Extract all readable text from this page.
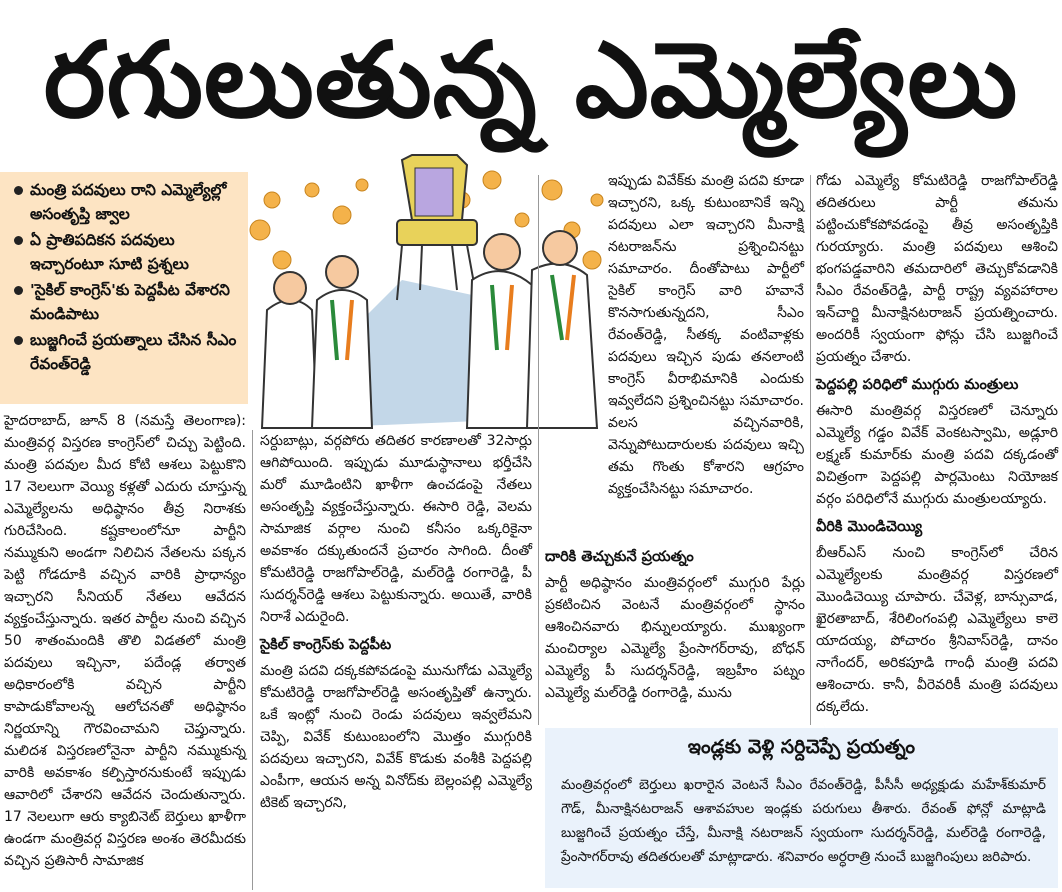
రగులుతున్న ఎమ్మెల్యేలు
మంత్రి పదవులు రాని ఎమ్మెల్యేల్లో అసంతృప్తి జ్వాల
ఏ ప్రాతిపదికన పదవులు ఇచ్చారంటూ సూటి ప్రశ్నలు
'సైకిల్ కాంగ్రెస్'కు పెద్దపీట వేశారని మండిపాటు
బుజ్జగించే ప్రయత్నాలు చేసిన సీఎం రేవంత్‌రెడ్డి

హైదరాబాద్, జూన్ 8 (నమస్తే తెలంగాణ): మంత్రివర్గ విస్తరణ కాంగ్రెస్‌లో చిచ్చు పెట్టింది. మంత్రి పదవుల మీద కోటి ఆశలు పెట్టుకొని 17 నెలలుగా వెయ్యి కళ్లతో ఎదురు చూస్తున్న ఎమ్మెల్యేలను అధిష్ఠానం తీవ్ర నిరాశకు గురిచేసింది. కష్టకాలంలోనూ పార్టీని నమ్ముకుని అండగా నిలిచిన నేతలను పక్కన పెట్టి గోడదూకి వచ్చిన వారికి ప్రాధాన్యం ఇచ్చారని సీనియర్ నేతలు ఆవేదన వ్యక్తంచేస్తున్నారు. ఇతర పార్టీల నుంచి వచ్చిన 50 శాతంమందికి తొలి విడతలో మంత్రి పదవులు ఇచ్చినా, పదేండ్ల తర్వాత అధికారంలోకి వచ్చిన పార్టీని కాపాడుకోవాలన్న ఆలోచనతో అధిష్ఠానం నిర్ణయాన్ని గౌరవించామని చెప్తున్నారు. మలిదశ విస్తరణలోనైనా పార్టీని నమ్ముకున్న వారికి అవకాశం కల్పిస్తారనుకుంటే ఇప్పుడు ఆవారిలో చేశారని ఆవేదన చెందుతున్నారు. 17 నెలలుగా ఆరు క్యాబినెట్ బెర్తులు ఖాళీగా ఉండగా మంత్రివర్గ విస్తరణ అంశం తెరమీదకు వచ్చిన ప్రతిసారీ సామాజిక

సర్దుబాట్లు, వర్గపోరు తదితర కారణాలతో 32సార్లు ఆగిపోయింది. ఇప్పుడు మూడుస్థానాలు భర్తీచేసి మరో మూడింటిని ఖాళీగా ఉంచడంపై నేతలు అసంతృప్తి వ్యక్తంచేస్తున్నారు. ఈసారి రెడ్డి, వెలమ సామాజిక వర్గాల నుంచి కనీసం ఒక్కరికైనా అవకాశం దక్కుతుందనే ప్రచారం సాగింది. దీంతో కోమటిరెడ్డి రాజగోపాల్‌రెడ్డి, మల్‌రెడ్డి రంగారెడ్డి, పీ సుదర్శన్‌రెడ్డి ఆశలు పెట్టుకున్నారు. అయితే, వారికి నిరాశే ఎదురైంది.

సైకిల్ కాంగ్రెస్‌కు పెద్దపీట

మంత్రి పదవి దక్కకపోవడంపై మునుగోడు ఎమ్మెల్యే కోమటిరెడ్డి రాజగోపాల్‌రెడ్డి అసంతృప్తితో ఉన్నారు. ఒకే ఇంట్లో నుంచి రెండు పదవులు ఇవ్వలేమని చెప్పి, వివేక్ కుటుంబంలోని మొత్తం ముగ్గురికి పదవులు ఇచ్చారని, వివేక్ కొడుకు వంశీకి పెద్దపల్లి ఎంపీగా, ఆయన అన్న వినోద్‌కు బెల్లంపల్లి ఎమ్మెల్యే టికెట్ ఇచ్చారని,

ఇప్పుడు వివేక్‌కు మంత్రి పదవి కూడా ఇచ్చారని, ఒక్క కుటుంబానికే ఇన్ని పదవులు ఎలా ఇచ్చారని మీనాక్షి నటరాజన్‌ను ప్రశ్నించినట్టు సమాచారం. దీంతోపాటు పార్టీలో సైకిల్ కాంగ్రెస్ వారి హవానే కొనసాగుతున్నదని, సీఎం రేవంత్‌రెడ్డి, సీతక్క వంటివాళ్లకు పదవులు ఇచ్చిన పుడు తనలాంటి కాంగ్రెస్ వీరాభిమానికి ఎందుకు ఇవ్వలేదని ప్రశ్నించినట్టు సమాచారం. వలస వచ్చినవారికి, వెన్నుపోటుదారులకు పదవులు ఇచ్చి తమ గొంతు కోశారని ఆగ్రహం వ్యక్తంచేసినట్టు సమాచారం.

దారికి తెచ్చుకునే ప్రయత్నం

పార్టీ అధిష్ఠానం మంత్రివర్గంలో ముగ్గురి పేర్లు ప్రకటించిన వెంటనే మంత్రివర్గంలో స్థానం ఆశించినవారు భిన్నులయ్యారు. ముఖ్యంగా మంచిర్యాల ఎమ్మెల్యే ప్రేంసాగర్‌రావు, బోధన్ ఎమ్మెల్యే పీ సుదర్శన్‌రెడ్డి, ఇబ్రహీం పట్నం ఎమ్మెల్యే మల్‌రెడ్డి రంగారెడ్డి, మును

గోడు ఎమ్మెల్యే కోమటిరెడ్డి రాజగోపాల్‌రెడ్డి తదితరులు పార్టీ తమను పట్టించుకోకపోవడంపై తీవ్ర అసంతృప్తికి గురయ్యారు. మంత్రి పదవులు ఆశించి భంగపడ్డవారిని తమదారిలో తెచ్చుకోవడానికి సీఎం రేవంత్‌రెడ్డి, పార్టీ రాష్ట్ర వ్యవహారాల ఇన్‌చార్జి మీనాక్షినటరాజన్ ప్రయత్నించారు. అందరికీ స్వయంగా ఫోన్లు చేసి బుజ్జగించే ప్రయత్నం చేశారు.

పెద్దపల్లి పరిధిలో ముగ్గురు మంత్రులు

ఈసారి మంత్రివర్గ విస్తరణలో చెన్నూరు ఎమ్మెల్యే గడ్డం వివేక్ వెంకటస్వామి, అడ్లూరి లక్ష్మణ్ కుమార్‌కు మంత్రి పదవి దక్కడంతో విచిత్రంగా పెద్దపల్లి పార్లమెంటు నియోజక వర్గం పరిధిలోనే ముగ్గురు మంత్రులయ్యారు.

వీరికి మొండిచెయ్యి

బీఆర్‌ఎస్ నుంచి కాంగ్రెస్‌లో చేరిన ఎమ్మెల్యేలకు మంత్రివర్గ విస్తరణలో మొండిచెయ్యి చూపారు. చేవెళ్ల, బాన్సువాడ, ఖైరతాబాద్, శేరిలింగంపల్లి ఎమ్మెల్యేలు కాలె యాదయ్య, పోచారం శ్రీనివాస్‌రెడ్డి, దానం నాగేందర్, అరికపూడి గాంధీ మంత్రి పదవి ఆశించారు. కానీ, వీరెవరికీ మంత్రి పదవులు దక్కలేదు.

ఇండ్లకు వెళ్లి సర్దిచెప్పే ప్రయత్నం
మంత్రివర్గంలో బెర్తులు ఖరారైన వెంటనే సీఎం రేవంత్‌రెడ్డి, పీసీసీ అధ్యక్షుడు మహేశ్‌కుమార్ గౌడ్, మీనాక్షినటరాజన్ ఆశావహుల ఇండ్లకు పరుగులు తీశారు. రేవంత్ ఫోన్లో మాట్లాడి బుజ్జగించే ప్రయత్నం చేస్తే, మీనాక్షి నటరాజన్ స్వయంగా సుదర్శన్‌రెడ్డి, మల్‌రెడ్డి రంగారెడ్డి, ప్రేంసాగర్‌రావు తదితరులతో మాట్లాడారు. శనివారం అర్ధరాత్రి నుంచే బుజ్జగింపులు జరిపారు.
